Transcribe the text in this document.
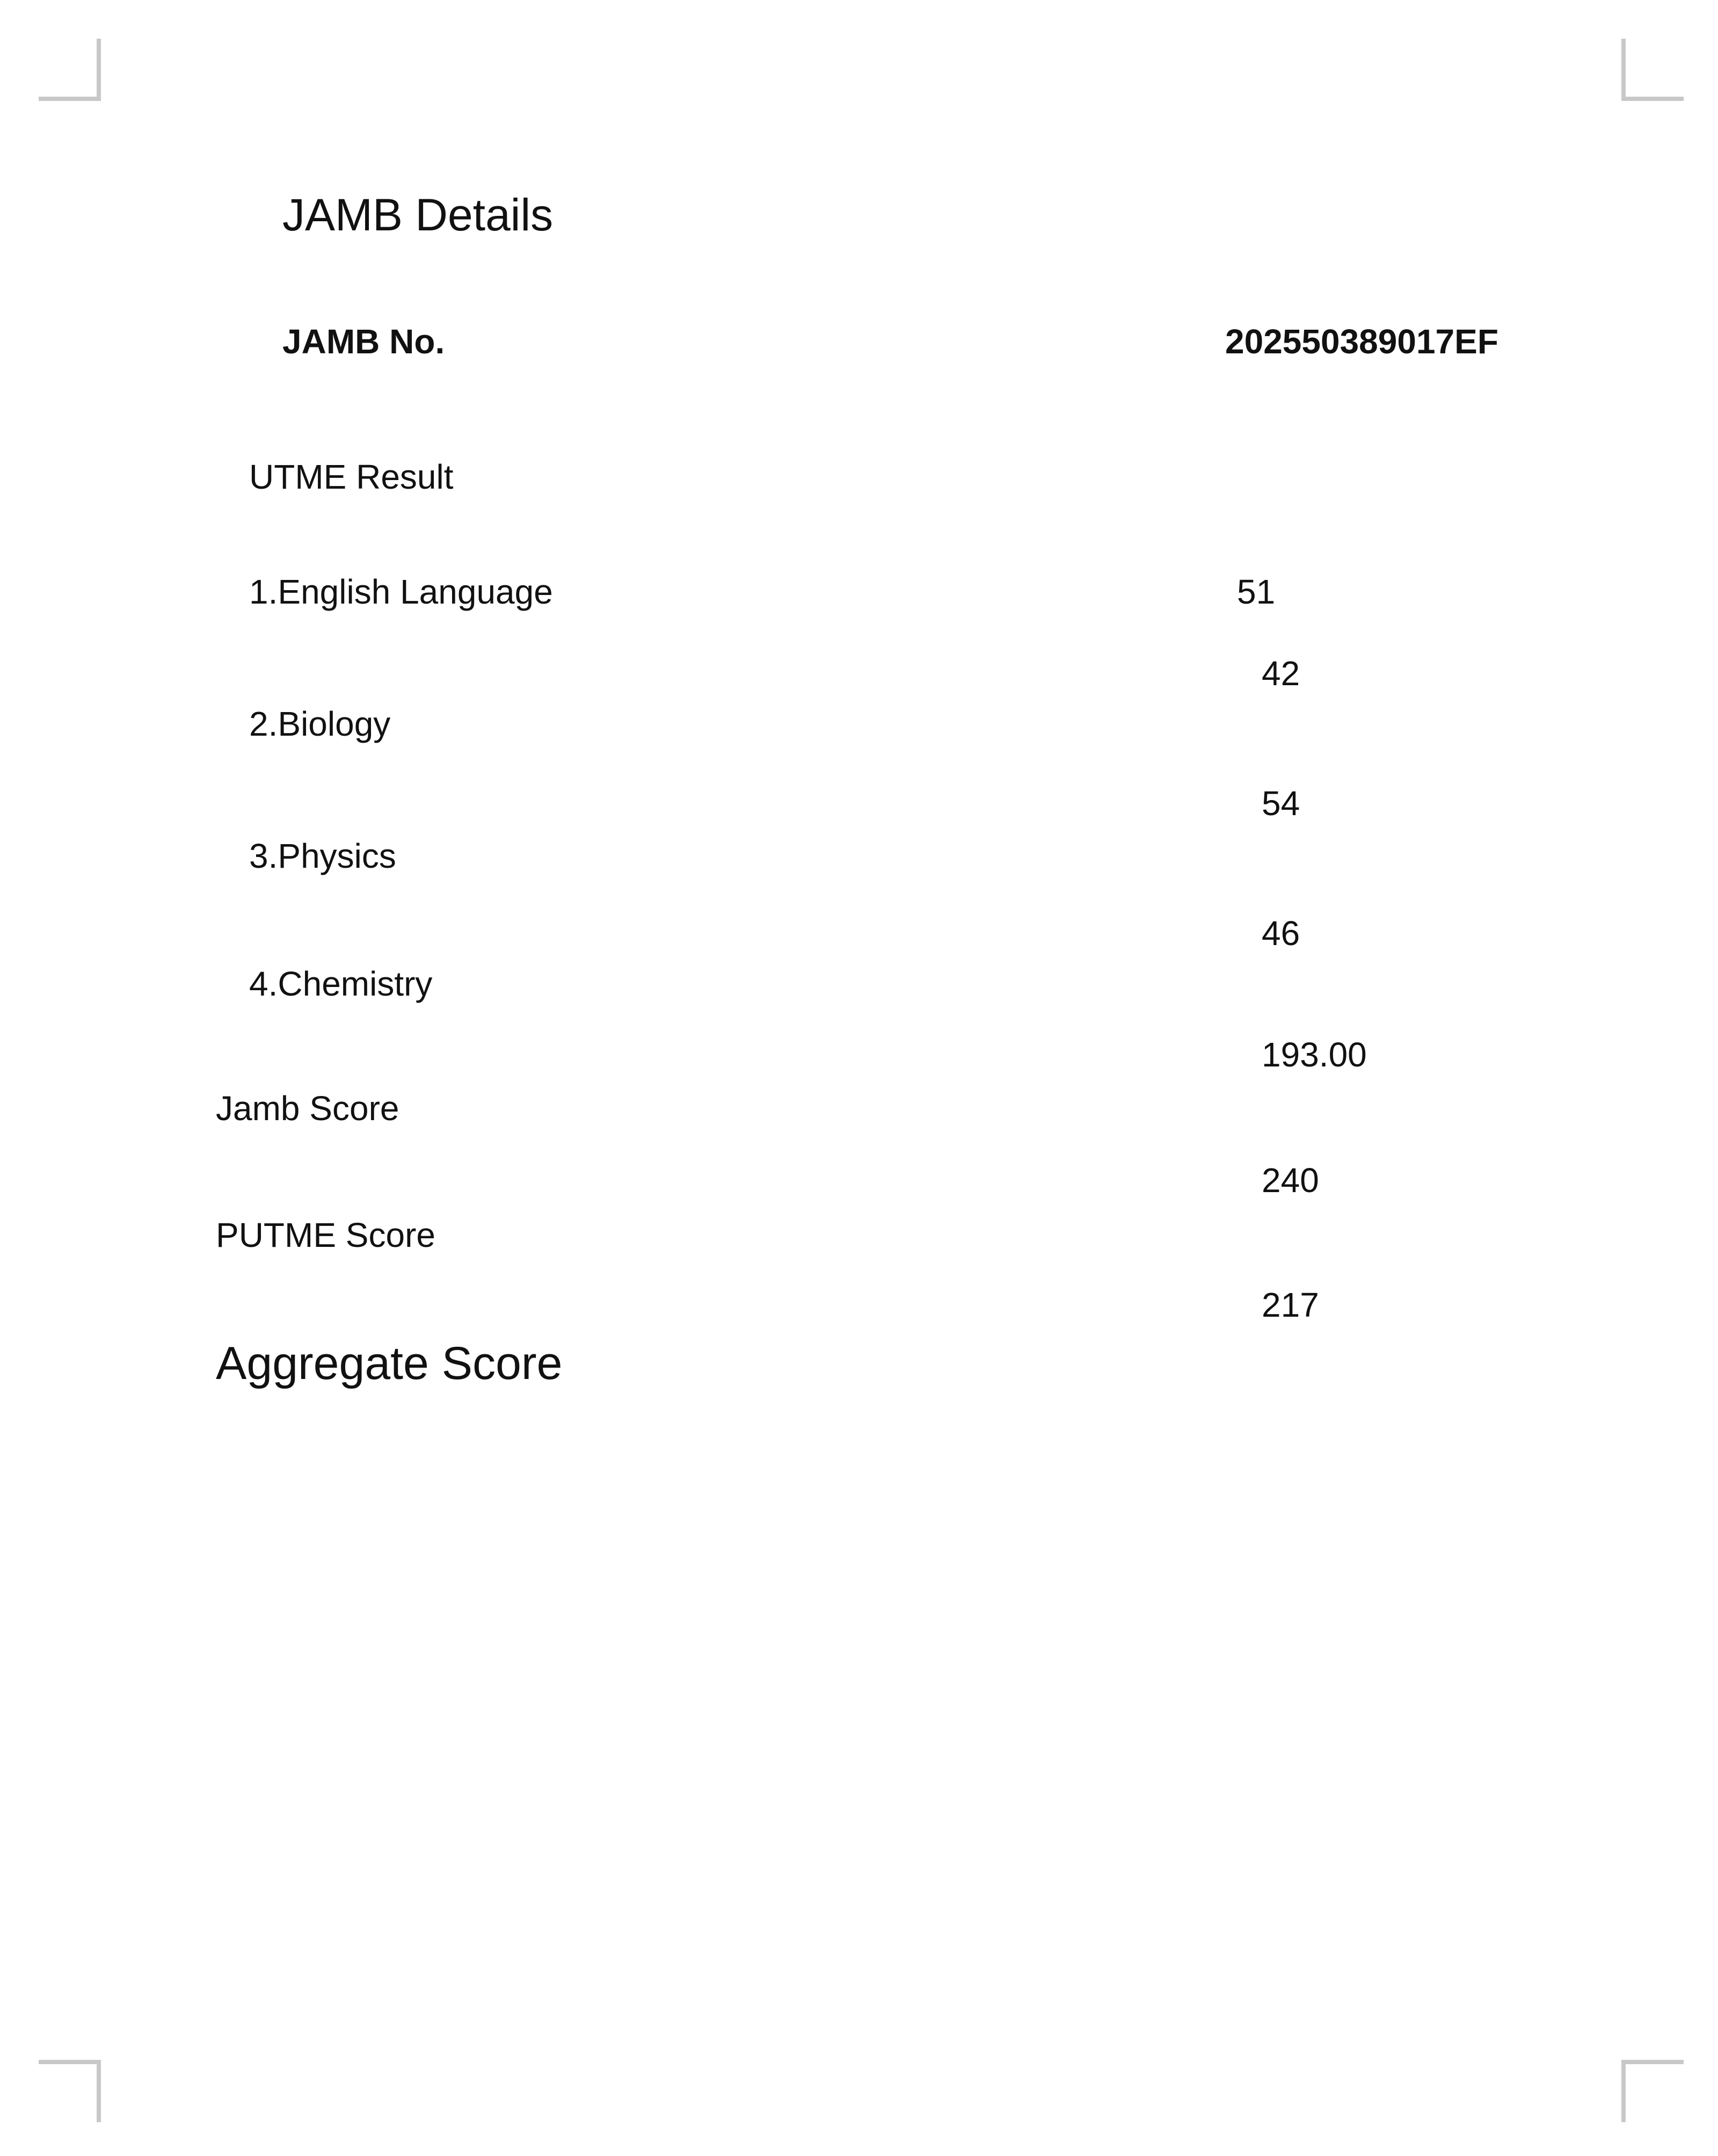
JAMB Details
JAMB No.	202550389017EF
UTME Result
1.English Language	51
42
2.Biology
54
3.Physics
46
4.Chemistry
193.00
Jamb Score
240
PUTME Score
217
Aggregate Score
